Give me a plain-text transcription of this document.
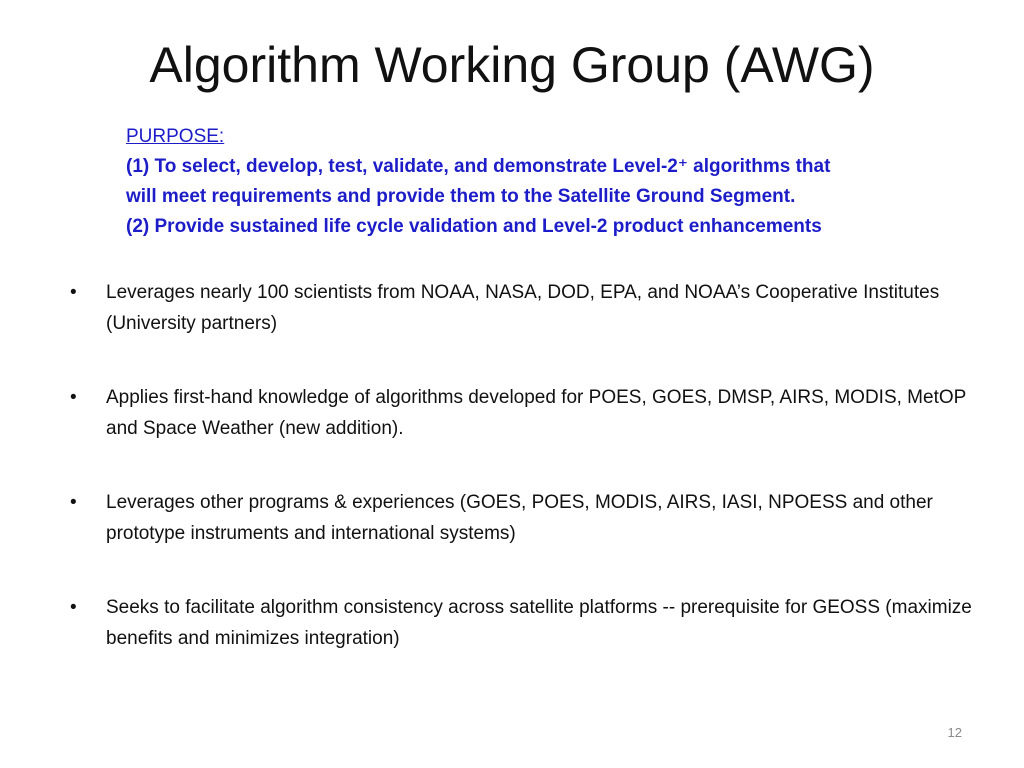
Algorithm Working Group (AWG)
PURPOSE:
(1) To select, develop, test, validate, and demonstrate Level-2⁺ algorithms that
will meet requirements and provide them to the Satellite Ground Segment.
(2) Provide sustained life cycle validation and Level-2 product enhancements
•	Leverages nearly 100 scientists from NOAA, NASA, DOD, EPA, and NOAA’s Cooperative Institutes (University partners)
•	Applies first-hand knowledge of algorithms developed for POES, GOES, DMSP, AIRS, MODIS, MetOP and Space Weather (new addition).
•	Leverages other programs & experiences (GOES, POES, MODIS, AIRS, IASI, NPOESS and other prototype instruments and international systems)
•	Seeks to facilitate algorithm consistency across satellite platforms -- prerequisite for GEOSS (maximize benefits and minimizes integration)
12
